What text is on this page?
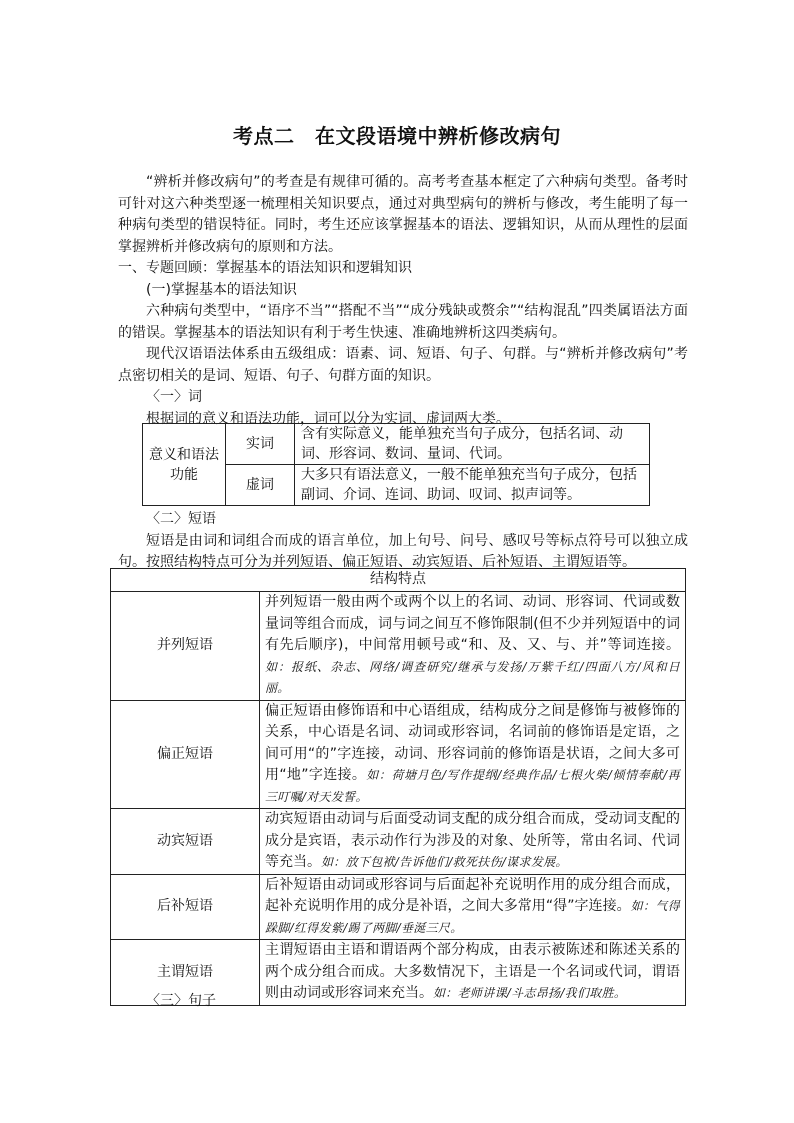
考点二　在文段语境中辨析修改病句

“辨析并修改病句”的考查是有规律可循的。高考考查基本框定了六种病句类型。备考时可针对这六种类型逐一梳理相关知识要点，通过对典型病句的辨析与修改，考生能明了每一种病句类型的错误特征。同时，考生还应该掌握基本的语法、逻辑知识，从而从理性的层面掌握辨析并修改病句的原则和方法。

一、专题回顾：掌握基本的语法知识和逻辑知识

(一)掌握基本的语法知识

六种病句类型中，“语序不当”“搭配不当”“成分残缺或赘余”“结构混乱”四类属语法方面的错误。掌握基本的语法知识有利于考生快速、准确地辨析这四类病句。

现代汉语语法体系由五级组成：语素、词、短语、句子、句群。与“辨析并修改病句”考点密切相关的是词、短语、句子、句群方面的知识。

〈一〉词

根据词的意义和语法功能，词可以分为实词、虚词两大类。

意义和语法功能	实词	含有实际意义，能单独充当句子成分，包括名词、动词、形容词、数词、量词、代词。
	虚词	大多只有语法意义，一般不能单独充当句子成分，包括副词、介词、连词、助词、叹词、拟声词等。

〈二〉短语

短语是由词和词组合而成的语言单位，加上句号、问号、感叹号等标点符号可以独立成句。按照结构特点可分为并列短语、偏正短语、动宾短语、后补短语、主谓短语等。

结构特点	
并列短语	并列短语一般由两个或两个以上的名词、动词、形容词、代词或数量词等组合而成，词与词之间互不修饰限制(但不少并列短语中的词有先后顺序)，中间常用顿号或“和、及、又、与、并”等词连接。如：报纸、杂志、网络/调查研究/继承与发扬/万紫千红/四面八方/风和日丽。
偏正短语	偏正短语由修饰语和中心语组成，结构成分之间是修饰与被修饰的关系，中心语是名词、动词或形容词，名词前的修饰语是定语，之间可用“的”字连接，动词、形容词前的修饰语是状语，之间大多可用“地”字连接。如：荷塘月色/写作提纲/经典作品/七根火柴/倾情奉献/再三叮嘱/对天发誓。
动宾短语	动宾短语由动词与后面受动词支配的成分组合而成，受动词支配的成分是宾语，表示动作行为涉及的对象、处所等，常由名词、代词等充当。如：放下包袱/告诉他们/救死扶伤/谋求发展。
后补短语	后补短语由动词或形容词与后面起补充说明作用的成分组合而成，起补充说明作用的成分是补语，之间大多常用“得”字连接。如：气得跺脚/红得发紫/踢了两脚/垂涎三尺。
主谓短语	主谓短语由主语和谓语两个部分构成，由表示被陈述和陈述关系的两个成分组合而成。大多数情况下，主语是一个名词或代词，谓语则由动词或形容词来充当。如：老师讲课/斗志昂扬/我们取胜。
〈三〉句子
